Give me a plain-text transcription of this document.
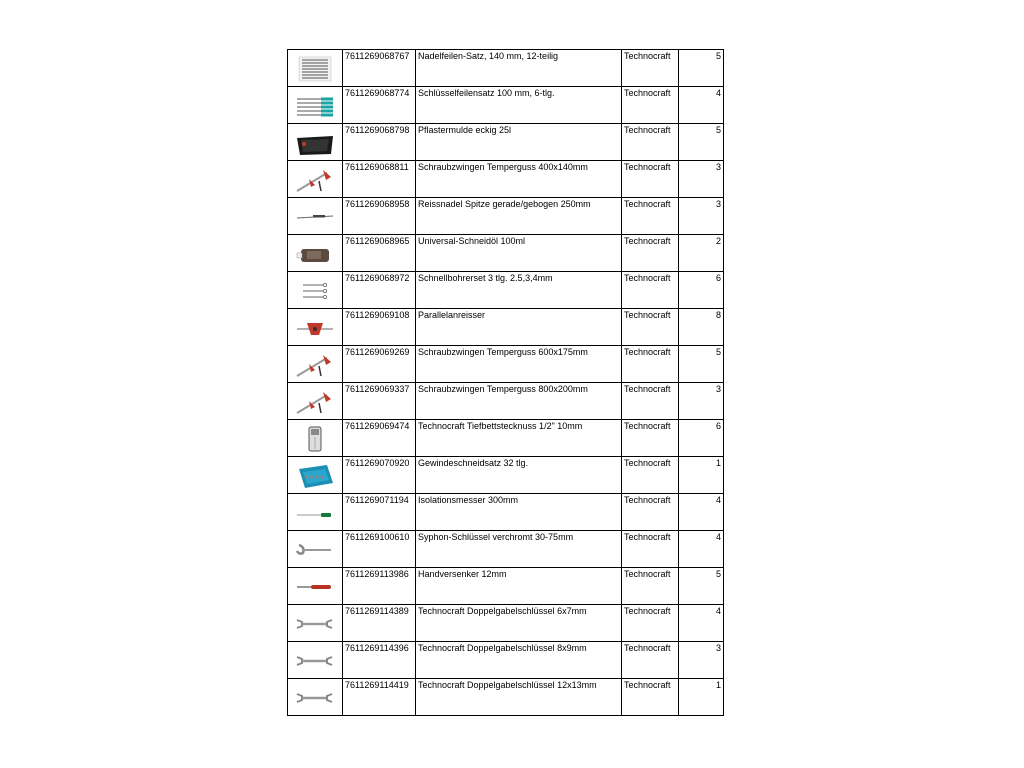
	7611269068767	Nadelfeilen-Satz, 140 mm, 12-teilig	Technocraft	5

	7611269068774	Schlüsselfeilensatz 100 mm, 6-tlg.	Technocraft	4

	7611269068798	Pflastermulde eckig 25l	Technocraft	5

	7611269068811	Schraubzwingen Temperguss 400x140mm	Technocraft	3

	7611269068958	Reissnadel Spitze gerade/gebogen 250mm	Technocraft	3

	7611269068965	Universal-Schneidöl 100ml	Technocraft	2

	7611269068972	Schnellbohrerset 3 tlg. 2.5,3,4mm	Technocraft	6

	7611269069108	Parallelanreisser	Technocraft	8

	7611269069269	Schraubzwingen Temperguss 600x175mm	Technocraft	5

	7611269069337	Schraubzwingen Temperguss 800x200mm	Technocraft	3

	7611269069474	Technocraft Tiefbettstecknuss 1/2" 10mm	Technocraft	6

	7611269070920	Gewindeschneidsatz 32 tlg.	Technocraft	1

	7611269071194	Isolationsmesser 300mm	Technocraft	4

	7611269100610	Syphon-Schlüssel verchromt 30-75mm	Technocraft	4

	7611269113986	Handversenker 12mm	Technocraft	5

	7611269114389	Technocraft Doppelgabelschlüssel 6x7mm	Technocraft	4

	7611269114396	Technocraft Doppelgabelschlüssel 8x9mm	Technocraft	3

	7611269114419	Technocraft Doppelgabelschlüssel 12x13mm	Technocraft	1
